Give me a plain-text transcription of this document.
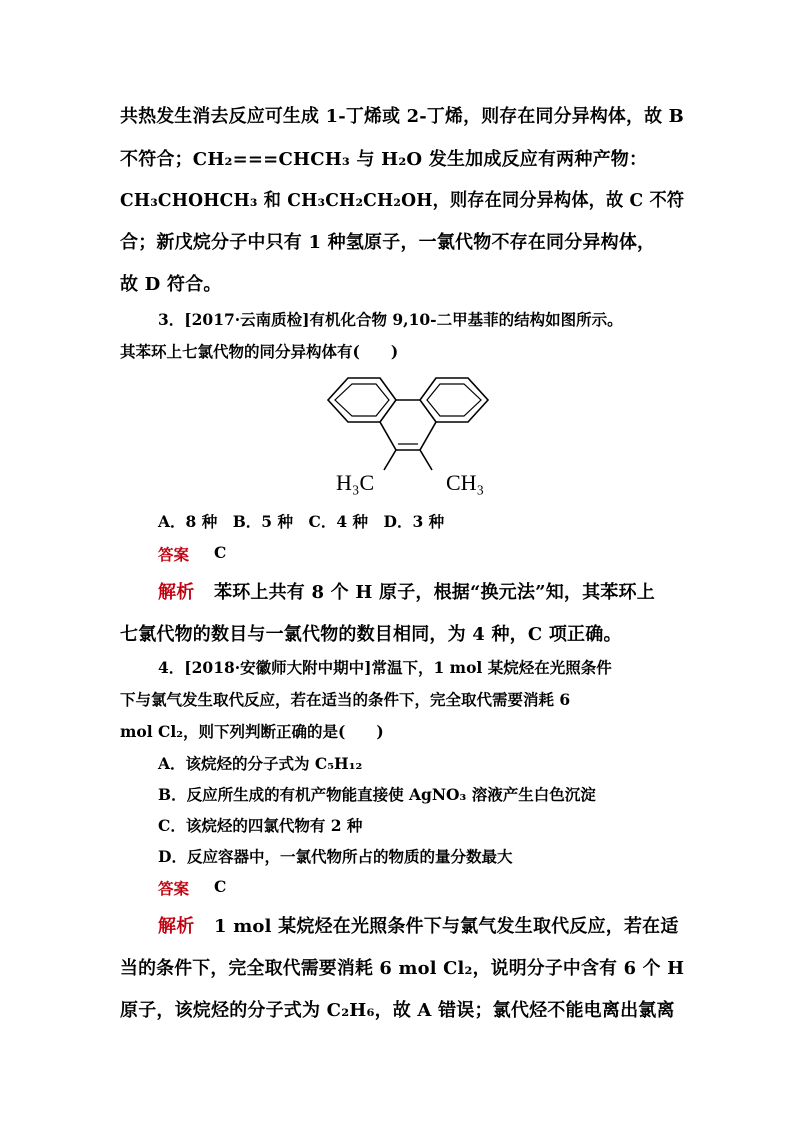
共热发生消去反应可生成 1-丁烯或 2-丁烯，则存在同分异构体，故 B
不符合；CH₂===CHCH₃ 与 H₂O 发生加成反应有两种产物：
CH₃CHOHCH₃ 和 CH₃CH₂CH₂OH，则存在同分异构体，故 C 不符
合；新戊烷分子中只有 1 种氢原子，一氯代物不存在同分异构体，
故 D 符合。
3．[2017·云南质检]有机化合物 9,10-二甲基菲的结构如图所示。
其苯环上七氯代物的同分异构体有(　　)
H₃C	CH₃
A．8 种　B．5 种　C．4 种　D．3 种
答案 C
解析 苯环上共有 8 个 H 原子，根据“换元法”知，其苯环上
七氯代物的数目与一氯代物的数目相同，为 4 种，C 项正确。
4．[2018·安徽师大附中期中]常温下，1 mol 某烷烃在光照条件
下与氯气发生取代反应，若在适当的条件下，完全取代需要消耗 6
mol Cl₂，则下列判断正确的是(　　)
A．该烷烃的分子式为 C₅H₁₂
B．反应所生成的有机产物能直接使 AgNO₃ 溶液产生白色沉淀
C．该烷烃的四氯代物有 2 种
D．反应容器中，一氯代物所占的物质的量分数最大
答案 C
解析 1 mol 某烷烃在光照条件下与氯气发生取代反应，若在适
当的条件下，完全取代需要消耗 6 mol Cl₂，说明分子中含有 6 个 H
原子，该烷烃的分子式为 C₂H₆，故 A 错误；氯代烃不能电离出氯离
